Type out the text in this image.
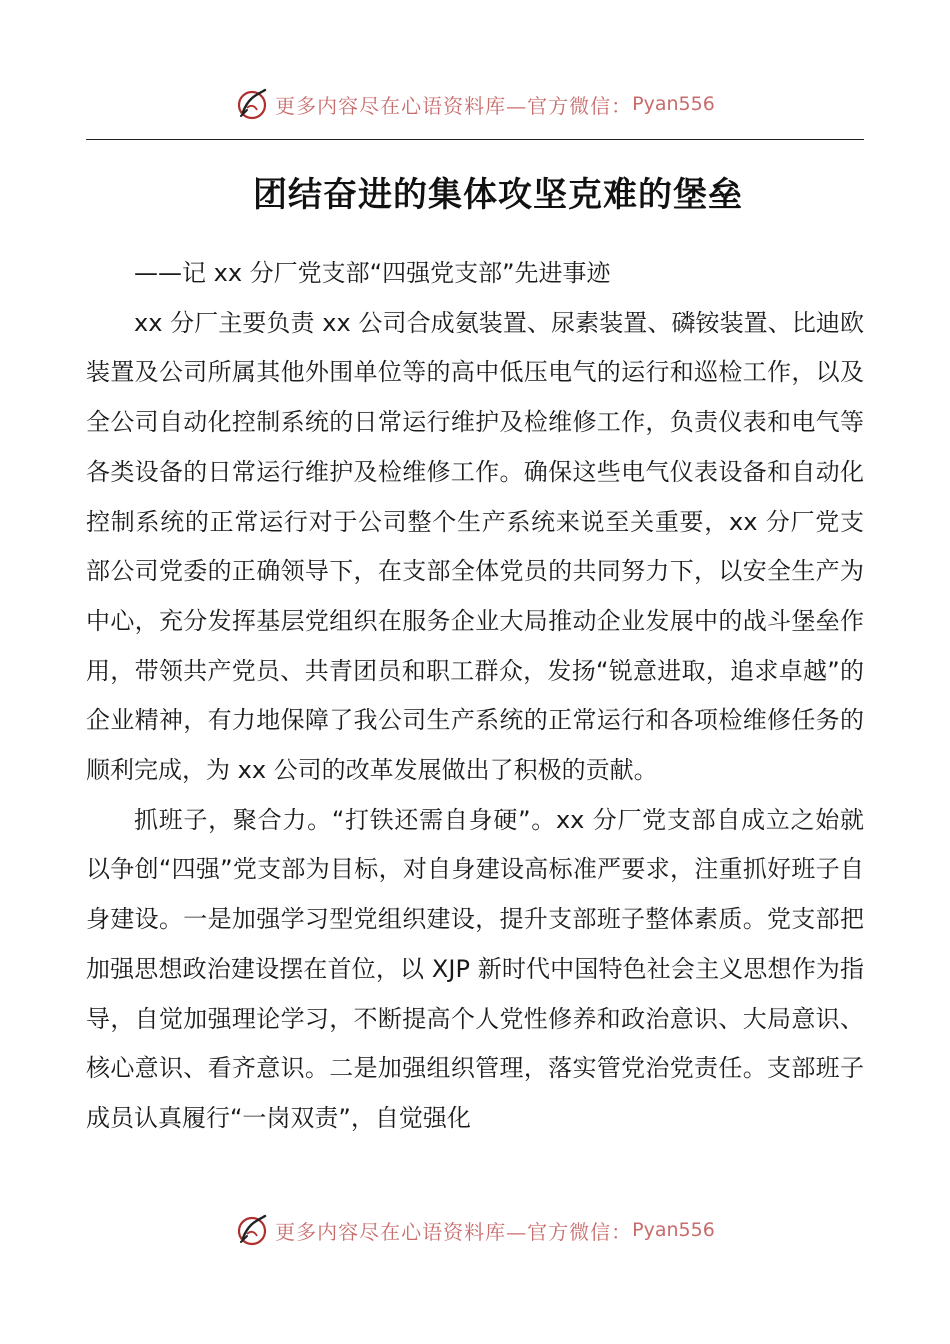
更多内容尽在心语资料库—官方微信： Pyan556
团结奋进的集体攻坚克难的堡垒

——记 xx 分厂党支部“四强党支部”先进事迹

xx 分厂主要负责 xx 公司合成氨装置、尿素装置、磷铵装置、比迪欧装置及公司所属其他外围单位等的高中低压电气的运行和巡检工作，以及全公司自动化控制系统的日常运行维护及检维修工作，负责仪表和电气等各类设备的日常运行维护及检维修工作。确保这些电气仪表设备和自动化控制系统的正常运行对于公司整个生产系统来说至关重要，xx 分厂党支部公司党委的正确领导下，在支部全体党员的共同努力下，以安全生产为中心，充分发挥基层党组织在服务企业大局推动企业发展中的战斗堡垒作用，带领共产党员、共青团员和职工群众，发扬“锐意进取，追求卓越”的企业精神，有力地保障了我公司生产系统的正常运行和各项检维修任务的顺利完成，为 xx 公司的改革发展做出了积极的贡献。

抓班子，聚合力。“打铁还需自身硬”。xx 分厂党支部自成立之始就以争创“四强”党支部为目标，对自身建设高标准严要求，注重抓好班子自身建设。一是加强学习型党组织建设，提升支部班子整体素质。党支部把加强思想政治建设摆在首位，以 XJP 新时代中国特色社会主义思想作为指导，自觉加强理论学习，不断提高个人党性修养和政治意识、大局意识、核心意识、看齐意识。二是加强组织管理，落实管党治党责任。支部班子成员认真履行“一岗双责”，自觉强化

更多内容尽在心语资料库—官方微信： Pyan556
